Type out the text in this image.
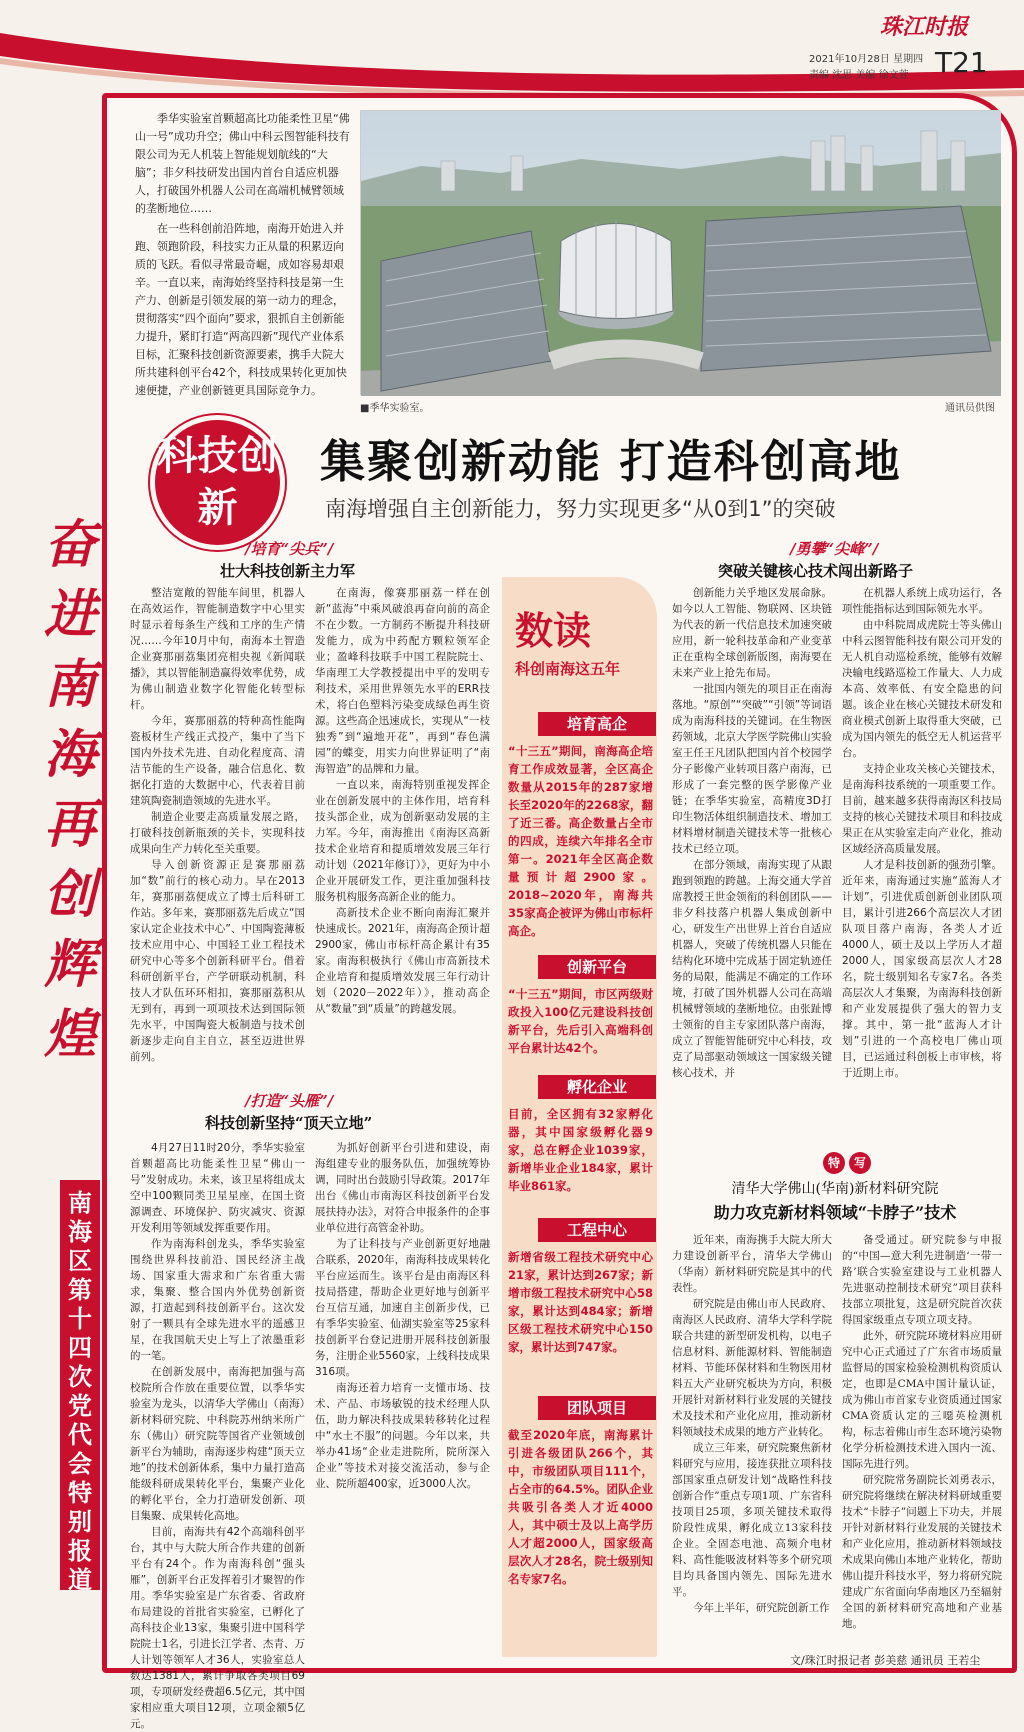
珠江时报
2021年10月28日 星期四
责编 沈思 美编 徐文萱 T21
奋进南海 再创辉煌
南海区第十四次党代会特别报道

季华实验室首颗超高比功能柔性卫星“佛山一号”成功升空；佛山中科云图智能科技有限公司为无人机装上智能规划航线的“大脑”；非夕科技研发出国内首台自适应机器人，打破国外机器人公司在高端机械臂领域的垄断地位……

在一些科创前沿阵地，南海开始进入并跑、领跑阶段，科技实力正从量的积累迈向质的飞跃。看似寻常最奇崛，成如容易却艰辛。一直以来，南海始终坚持科技是第一生产力、创新是引领发展的第一动力的理念，贯彻落实“四个面向”要求，狠抓自主创新能力提升，紧盯打造“两高四新”现代产业体系目标，汇聚科技创新资源要素，携手大院大所共建科创平台42个，科技成果转化更加快速便捷，产业创新链更具国际竞争力。

■季华实验室。	通讯员供图
科技创新
集聚创新动能 打造科创高地
南海增强自主创新能力，努力实现更多“从0到1”的突破
/培育“尖兵”/
壮大科技创新主力军

整洁宽敞的智能车间里，机器人在高效运作，智能制造数字中心里实时显示着每条生产线和工序的生产情况……今年10月中旬，南海本土智造企业赛那丽荔集团亮相央视《新闻联播》，其以智能制造赢得效率优势，成为佛山制造业数字化智能化转型标杆。

今年，赛那丽荔的特种高性能陶瓷板材生产线正式投产，集中了当下国内外技术先进、自动化程度高、清洁节能的生产设备，融合信息化、数据化打造的大数据中心，代表着目前建筑陶瓷制造领域的先进水平。

制造企业要走高质量发展之路，打破科技创新瓶颈的关卡，实现科技成果向生产力转化至关重要。

导入创新资源正是赛那丽荔加“数”前行的核心动力。早在2013年，赛那丽荔便成立了博士后科研工作站。多年来，赛那丽荔先后成立“国家认定企业技术中心”、中国陶瓷薄板技术应用中心、中国轻工业工程技术研究中心等多个创新科研平台。借着科研创新平台，产学研联动机制，科技人才队伍环环相扣，赛那丽荔积从无到有，再到一项项技术达到国际领先水平，中国陶瓷大板制造与技术创新逐步走向自主自立，甚至迈进世界前列。

在南海，像赛那丽荔一样在创新“蓝海”中乘风破浪再奋向前的高企不在少数。一方制药不断提升科技研发能力，成为中药配方颗粒领军企业；盈峰科技联手中国工程院院士、华南理工大学教授提出中平的发明专利技术，采用世界领先水平的ERR技术，将白色塑料污染变成绿色再生资源。这些高企迅速成长，实现从“一枝独秀”到“遍地开花”，再到“春色满园”的蝶变，用实力向世界证明了“南海智造”的品牌和力量。

一直以来，南海特别重视发挥企业在创新发展中的主体作用，培育科技头部企业，成为创新驱动发展的主力军。今年，南海推出《南海区高新技术企业培育和提质增效发展三年行动计划（2021年修订）》，更好为中小企业开展研发工作，更注重加强科技服务机构服务高新企业的能力。

高新技术企业不断向南海汇聚并快速成长。2021年，南海高企预计超2900家，佛山市标杆高企累计有35家。南海积极执行《佛山市高新技术企业培育和提质增效发展三年行动计划（2020－2022年）》，推动高企从“数量”到“质量”的跨越发展。

/打造“头雁”/
科技创新坚持“顶天立地”

4月27日11时20分，季华实验室首颗超高比功能柔性卫星“佛山一号”发射成功。未来，该卫星将组成太空中100颗同类卫星星座，在国土资源调查、环境保护、防灾减灾、资源开发利用等领域发挥重要作用。

作为南海科创龙头，季华实验室围绕世界科技前沿、国民经济主战场、国家重大需求和广东省重大需求，集聚、整合国内外优势创新资源，打造起到科技创新平台。这次发射了一颗具有全球先进水平的遥感卫星，在我国航天史上写上了浓墨重彩的一笔。

在创新发展中，南海把加强与高校院所合作放在重要位置，以季华实验室为龙头，以清华大学佛山（南海）新材料研究院、中科院苏州纳米所广东（佛山）研究院等国省产业领域创新平台为辅助，南海逐步构建“顶天立地”的技术创新体系，集中力量打造高能级科研成果转化平台，集聚产业化的孵化平台，全力打造研发创新、项目集聚、成果转化高地。

目前，南海共有42个高端科创平台，其中与大院大所合作共建的创新平台有24个。作为南海科创“强头雁”，创新平台正发挥着引才聚智的作用。季华实验室是广东省委、省政府布局建设的首批省实验室，已孵化了高科技企业13家，集聚引进中国科学院院士1名，引进长江学者、杰青、万人计划等领军人才36人，实验室总人数达1381人，累计争取各类项目69项，专项研发经费超6.5亿元，其中国家相应重大项目12项，立项金额5亿元。

为抓好创新平台引进和建设，南海组建专业的服务队伍，加强统筹协调，同时出台鼓励引导政策。2017年出台《佛山市南海区科技创新平台发展扶持办法》，对符合申报条件的企事业单位进行高管金补助。

为了让科技与产业创新更好地融合联系，2020年，南海科技成果转化平台应运而生。该平台是由南海区科技局搭建，帮助企业更好地与创新平台互信互通，加速自主创新步伐，已有季华实验室、仙湖实验室等25家科技创新平台登记进册开展科技创新服务，注册企业5560家，上线科技成果316项。

南海还着力培育一支懂市场、技术、产品、市场敏锐的技术经理人队伍，助力解决科技成果转移转化过程中“水土不服”的问题。今年以来，共举办41场“企业走进院所，院所深入企业”等技术对接交流活动，参与企业、院所超400家，近3000人次。

数读
科创南海这五年
培育高企
“十三五”期间，南海高企培育工作成效显著，全区高企数量从2015年的287家增长至2020年的2268家，翻了近三番。高企数量占全市的四成，连续六年排名全市第一。2021年全区高企数量预计超2900家。2018~2020年，南海共35家高企被评为佛山市标杆高企。
创新平台
“十三五”期间，市区两级财政投入100亿元建设科技创新平台，先后引入高端科创平台累计达42个。
孵化企业
目前，全区拥有32家孵化器，其中国家级孵化器9家，总在孵企业1039家，新增毕业企业184家，累计毕业861家。
工程中心
新增省级工程技术研究中心21家，累计达到267家；新增市级工程技术研究中心58家，累计达到484家；新增区级工程技术研究中心150家，累计达到747家。
团队项目
截至2020年底，南海累计引进各级团队266个，其中，市级团队项目111个，占全市的64.5%。团队企业共吸引各类人才近4000人，其中硕士及以上高学历人才超2000人，国家级高层次人才28名，院士级别知名专家7名。
/勇攀“尖峰”/
突破关键核心技术闯出新路子

创新能力关乎地区发展命脉。如今以人工智能、物联网、区块链为代表的新一代信息技术加速突破应用，新一轮科技革命和产业变革正在重构全球创新版图，南海要在未来产业上抢先布局。

一批国内领先的项目正在南海落地。“原创”“突破”“引领”等词语成为南海科技的关键词。在生物医药领域，北京大学医学院佛山实验室王任王凡团队把国内首个校园学分子影像产业转项目落户南海，已形成了一套完整的医学影像产业链；在季华实验室，高精度3D打印生物活体组织制造技术、增加工材料增材制造关键技术等一批核心技术已经立项。

在部分领域，南海实现了从跟跑到领跑的跨越。上海交通大学首席教授王世金领衔的科创团队——非夕科技落户机器人集成创新中心，研发生产出世界上首台自适应机器人，突破了传统机器人只能在结构化环境中完成基于固定轨迹任务的局限，能满足不确定的工作环境，打破了国外机器人公司在高端机械臂领域的垄断地位。由张趾博士领衔的自主专家团队落户南海，成立了智能智能研究中心科技，攻克了局部驱动领域这一国家级关键核心技术，并

在机器人系统上成功运行，各项性能指标达到国际领先水平。

由中科院周成虎院士等头佛山中科云图智能科技有限公司开发的无人机自动巡检系统，能够有效解决输电线路巡检工作量大、人力成本高、效率低、有安全隐患的问题。该企业在核心关键技术研发和商业模式创新上取得重大突破，已成为国内领先的低空无人机运营平台。

支持企业攻关核心关键技术，是南海科技系统的一项重要工作。目前，越来越多获得南海区科技局支持的核心关键技术项目和科技成果正在从实验室走向产业化，推动区域经济高质量发展。

人才是科技创新的强劲引擎。近年来，南海通过实施“蓝海人才计划”，引进优质创新创业团队项目，累计引进266个高层次人才团队项目落户南海，各类人才近4000人，硕士及以上学历人才超2000人，国家级高层次人才28名，院士级别知名专家7名。各类高层次人才集聚，为南海科技创新和产业发展提供了强大的智力支撑。其中，第一批“蓝海人才计划”引进的一个高校电厂佛山项目，已运通过科创板上市审核，将于近期上市。

特	写
清华大学佛山(华南)新材料研究院
助力攻克新材料领域“卡脖子”技术

近年来，南海携手大院大所大力建设创新平台，清华大学佛山（华南）新材料研究院是其中的代表性。

研究院是由佛山市人民政府、南海区人民政府、清华大学科学院联合共建的新型研发机构，以电子信息材料、新能源材料、智能制造材料、节能环保材料和生物医用材料五大产业研究板块为方向，积极开展针对新材料行业发展的关键技术及技术和产业化应用，推动新材料领域技术成果的地方产业转化。

成立三年来，研究院聚焦新材料研究与应用，接连获批立项科技部国家重点研发计划“战略性科技创新合作”重点专项1项、广东省科技项目25项，多项关键技术取得阶段性成果，孵化成立13家科技企业。全固态电池、高频介电材料、高性能吸波材料等多个研究项目均具备国内领先、国际先进水平。

今年上半年，研究院创新工作

备受通过。研究院参与申报的“中国—意大利先进制造‘一带一路’联合实验室建设与工业机器人先进驱动控制技术研究”项目获科技部立项批复，这是研究院首次获得国家级重点专项立项支持。

此外，研究院环境材料应用研究中心正式通过了广东省市场质量监督局的国家检验检测机构资质认定，也即是CMA中国计量认证，成为佛山市首家专业资质通过国家CMA资质认定的三噁英检测机构，标志着佛山市生态环境污染物化学分析检测技术进入国内一流、国际先进行列。

研究院常务副院长刘勇表示，研究院将继续在解决材料研域重要技术“卡脖子”问题上下功夫，并展开针对新材料行业发展的关键技术和产业化应用，推动新材料领域技术成果向佛山本地产业转化，帮助佛山提升科技水平，努力将研究院建成广东省面向华南地区乃至辐射全国的新材料研究高地和产业基地。

文/珠江时报记者 彭美慈 通讯员 王若尘
